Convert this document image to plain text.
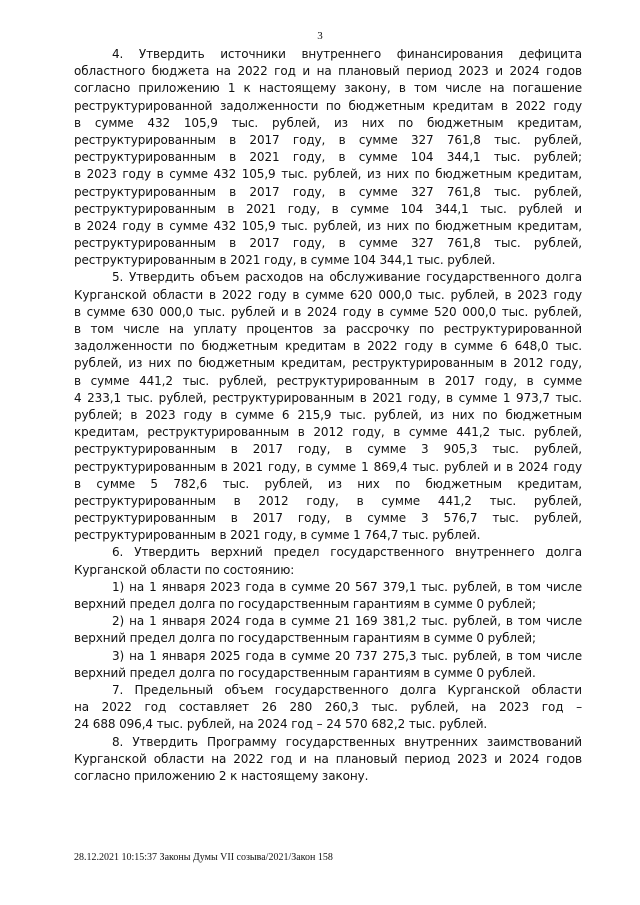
3
4. Утвердить источники внутреннего финансирования дефицита
областного бюджета на 2022 год и на плановый период 2023 и 2024 годов
согласно приложению 1 к настоящему закону, в том числе на погашение
реструктурированной задолженности по бюджетным кредитам в 2022 году
в сумме 432 105,9 тыс. рублей, из них по бюджетным кредитам,
реструктурированным в 2017 году, в сумме 327 761,8 тыс. рублей,
реструктурированным в 2021 году, в сумме 104 344,1 тыс. рублей;
в 2023 году в сумме 432 105,9 тыс. рублей, из них по бюджетным кредитам,
реструктурированным в 2017 году, в сумме 327 761,8 тыс. рублей,
реструктурированным в 2021 году, в сумме 104 344,1 тыс. рублей и
в 2024 году в сумме 432 105,9 тыс. рублей, из них по бюджетным кредитам,
реструктурированным в 2017 году, в сумме 327 761,8 тыс. рублей,
реструктурированным в 2021 году, в сумме 104 344,1 тыс. рублей.
5. Утвердить объем расходов на обслуживание государственного долга
Курганской области в 2022 году в сумме 620 000,0 тыс. рублей, в 2023 году
в сумме 630 000,0 тыс. рублей и в 2024 году в сумме 520 000,0 тыс. рублей,
в том числе на уплату процентов за рассрочку по реструктурированной
задолженности по бюджетным кредитам в 2022 году в сумме 6 648,0 тыс.
рублей, из них по бюджетным кредитам, реструктурированным в 2012 году,
в сумме 441,2 тыс. рублей, реструктурированным в 2017 году, в сумме
4 233,1 тыс. рублей, реструктурированным в 2021 году, в сумме 1 973,7 тыс.
рублей; в 2023 году в сумме 6 215,9 тыс. рублей, из них по бюджетным
кредитам, реструктурированным в 2012 году, в сумме 441,2 тыс. рублей,
реструктурированным в 2017 году, в сумме 3 905,3 тыс. рублей,
реструктурированным в 2021 году, в сумме 1 869,4 тыс. рублей и в 2024 году
в сумме 5 782,6 тыс. рублей, из них по бюджетным кредитам,
реструктурированным в 2012 году, в сумме 441,2 тыс. рублей,
реструктурированным в 2017 году, в сумме 3 576,7 тыс. рублей,
реструктурированным в 2021 году, в сумме 1 764,7 тыс. рублей.
6. Утвердить верхний предел государственного внутреннего долга
Курганской области по состоянию:
1) на 1 января 2023 года в сумме 20 567 379,1 тыс. рублей, в том числе
верхний предел долга по государственным гарантиям в сумме 0 рублей;
2) на 1 января 2024 года в сумме 21 169 381,2 тыс. рублей, в том числе
верхний предел долга по государственным гарантиям в сумме 0 рублей;
3) на 1 января 2025 года в сумме 20 737 275,3 тыс. рублей, в том числе
верхний предел долга по государственным гарантиям в сумме 0 рублей.
7. Предельный объем государственного долга Курганской области
на 2022 год составляет 26 280 260,3 тыс. рублей, на 2023 год –
24 688 096,4 тыс. рублей, на 2024 год – 24 570 682,2 тыс. рублей.
8. Утвердить Программу государственных внутренних заимствований
Курганской области на 2022 год и на плановый период 2023 и 2024 годов
согласно приложению 2 к настоящему закону.
28.12.2021 10:15:37 Законы Думы VII созыва/2021/Закон 158
